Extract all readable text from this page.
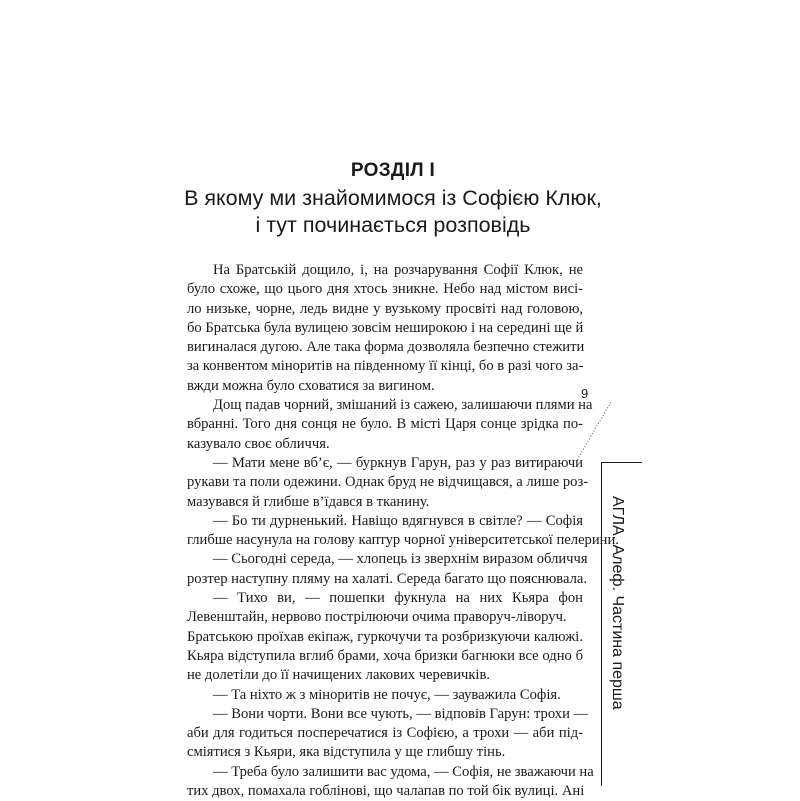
РОЗДІЛ І
В якому ми знайомимося із Софією Клюк,
і тут починається розповідь
На Братській дощило, і, на розчарування Софії Клюк, не
було схоже, що цього дня хтось зникне. Небо над містом висі-
ло низьке, чорне, ледь видне у вузькому просвіті над головою,
бо Братська була вулицею зовсім неширокою і на середині ще й
вигиналася дугою. Але така форма дозволяла безпечно стежити
за конвентом міноритів на південному її кінці, бо в разі чого за-
вжди можна було сховатися за вигином.
Дощ падав чорний, змішаний із сажею, залишаючи плями на
вбранні. Того дня сонця не було. В місті Царя сонце зрідка по-
казувало своє обличчя.
— Мати мене вб’є, — буркнув Гарун, раз у раз витираючи
рукави та поли одежини. Однак бруд не відчищався, а лише роз-
мазувався й глибше в’їдався в тканину.
— Бо ти дурненький. Навіщо вдягнувся в світле? — Софія
глибше насунула на голову каптур чорної університетської пелерини.
— Сьогодні середа, — хлопець із зверхнім виразом обличчя
розтер наступну пляму на халаті. Середа багато що пояснювала.
— Тихо ви, — пошепки фукнула на них Кьяра фон
Левенштайн, нервово пострілюючи очима праворуч-ліворуч.
Братською проїхав екіпаж, гуркочучи та розбризкуючи калюжі.
Кьяра відступила вглиб брами, хоча бризки багнюки все одно б
не долетіли до її начищених лакових черевичків.
— Та ніхто ж з міноритів не почує, — зауважила Софія.
— Вони чорти. Вони все чують, — відповів Гарун: трохи —
аби для годиться посперечатися із Софією, а трохи — аби під-
сміятися з Кьяри, яка відступила у ще глибшу тінь.
— Треба було залишити вас удома, — Софія, не зважаючи на
тих двох, помахала гоблінові, що чалапав по той бік вулиці. Ані
9
АГЛА. Алеф. Частина перша
